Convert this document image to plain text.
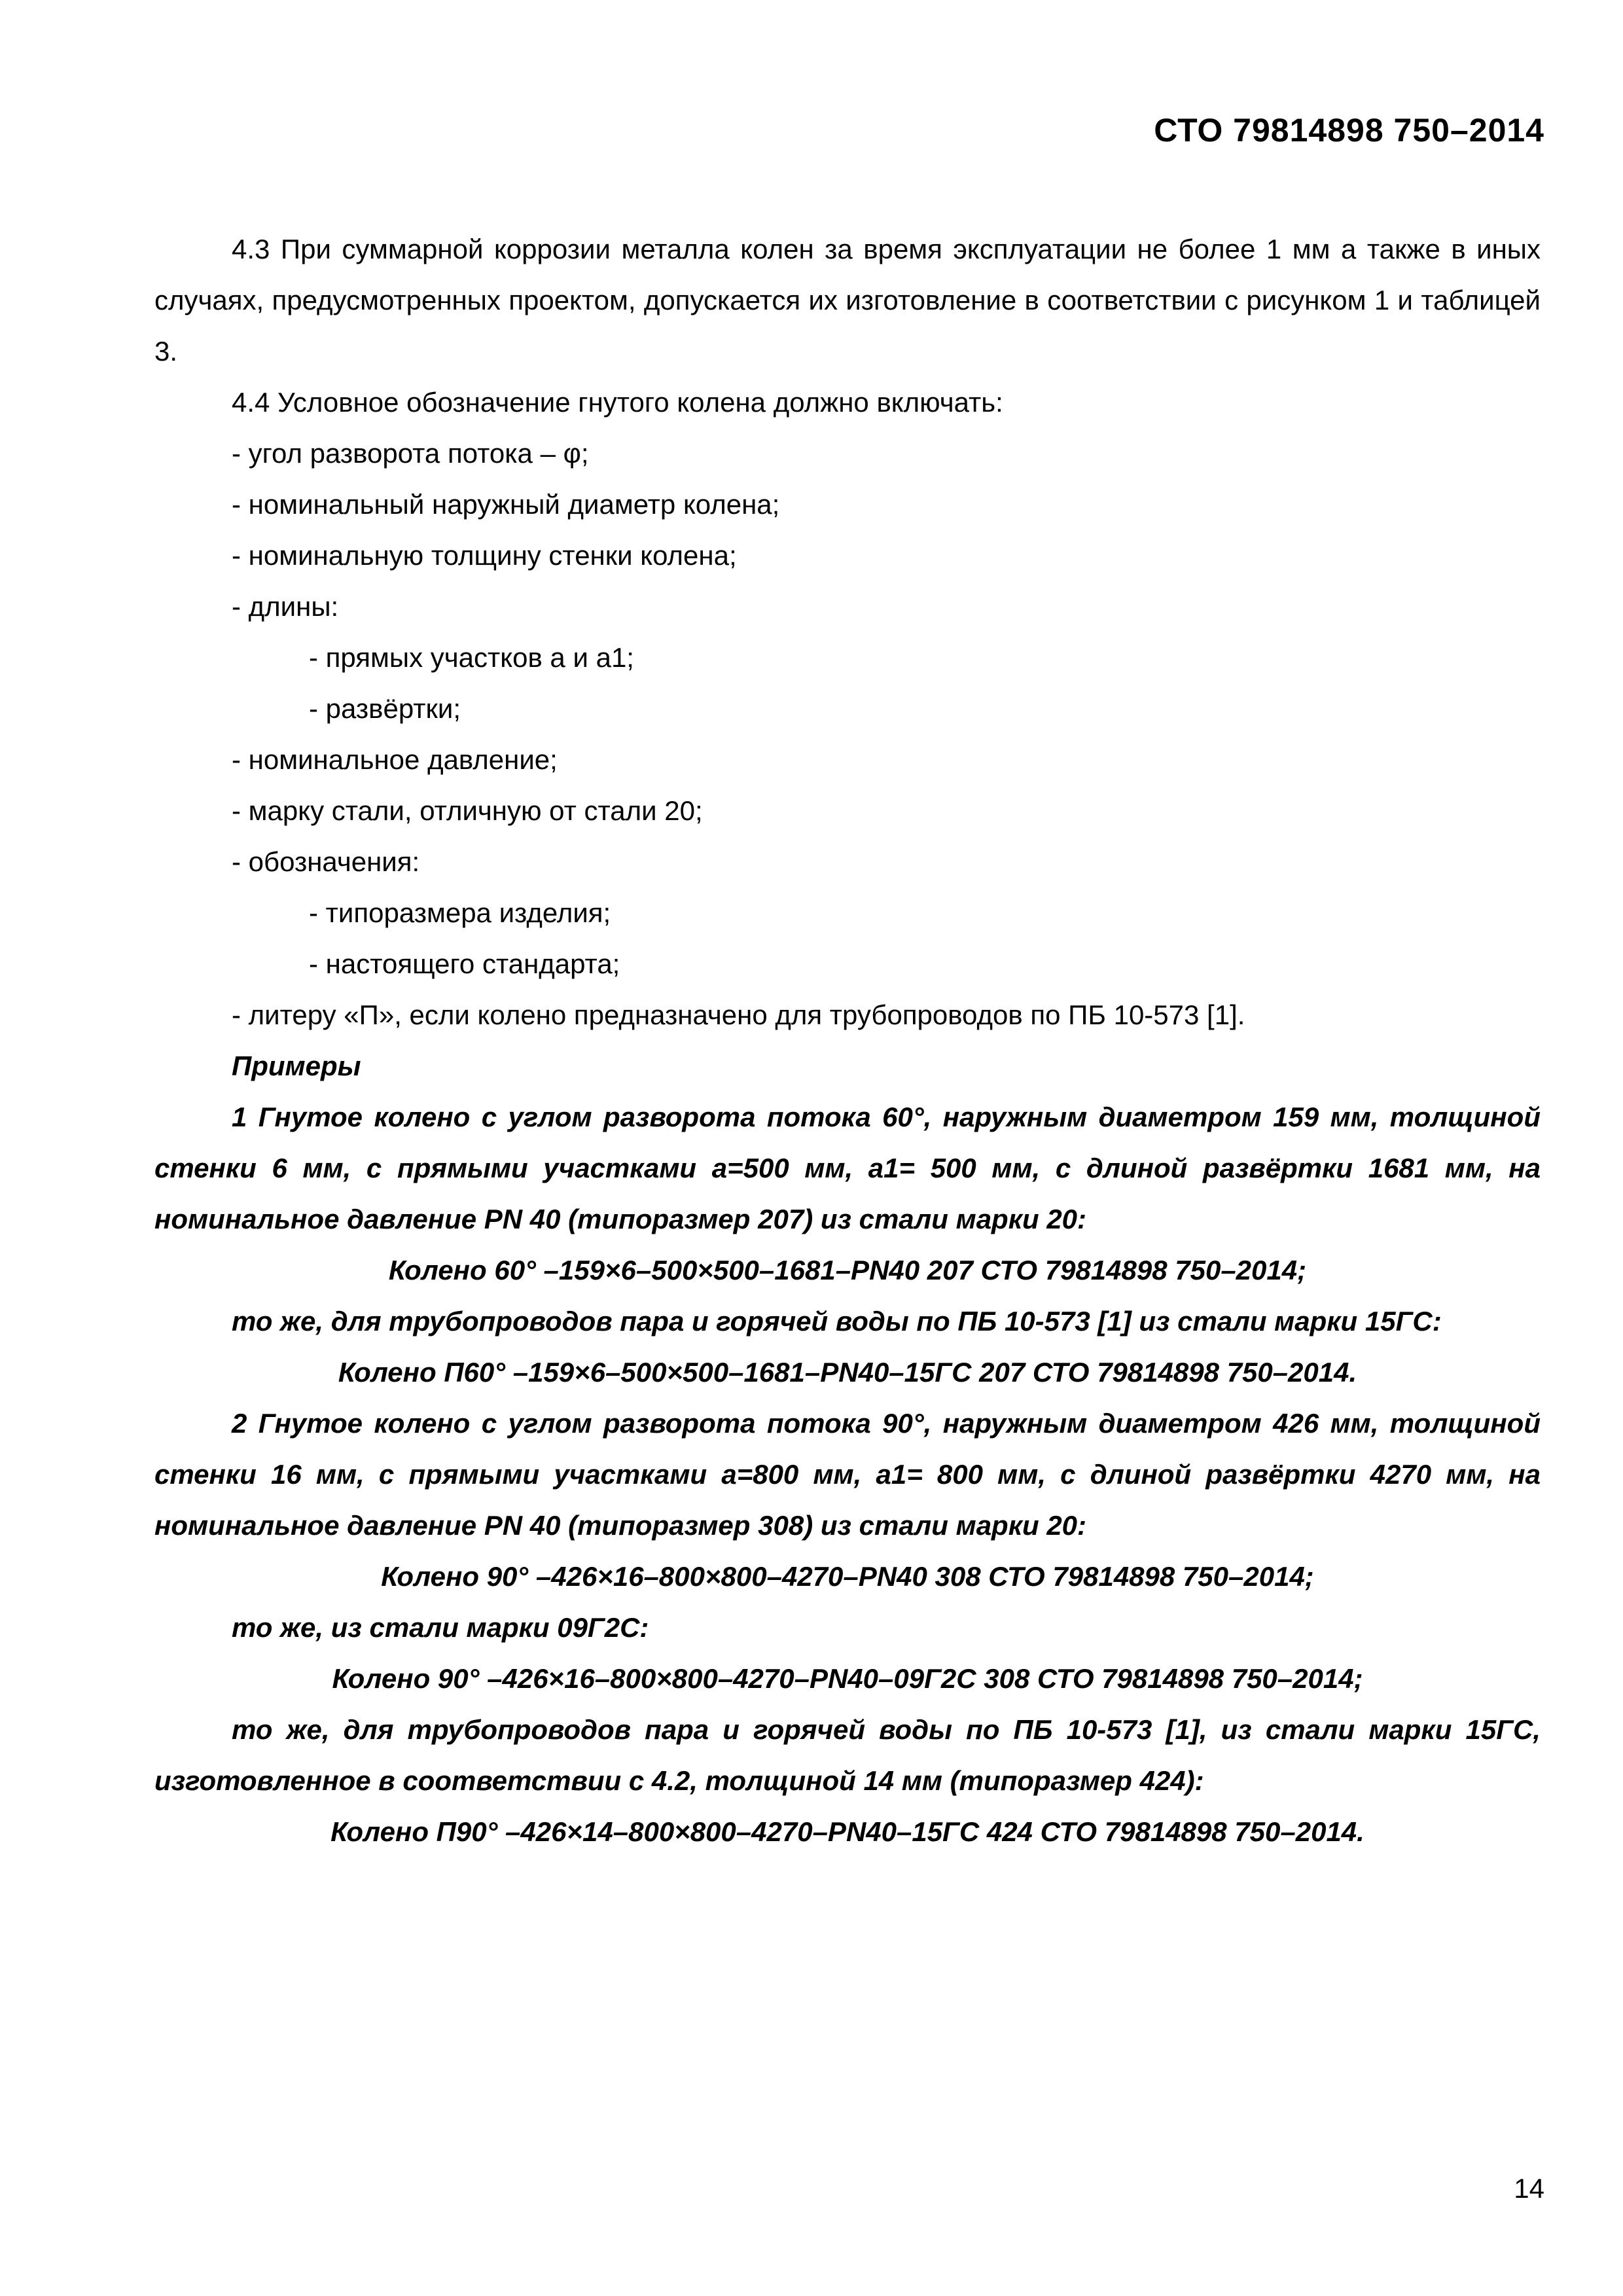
СТО 79814898 750–2014

4.3 При суммарной коррозии металла колен за время эксплуатации не более 1 мм а также в иных случаях, предусмотренных проектом, допускается их изготовление в соответствии с рисунком 1 и таблицей 3.

4.4 Условное обозначение гнутого колена должно включать:

- угол разворота потока – φ;

- номинальный наружный диаметр колена;

- номинальную толщину стенки колена;

- длины:

- прямых участков a и a1;

- развёртки;

- номинальное давление;

- марку стали, отличную от стали 20;

- обозначения:

- типоразмера изделия;

- настоящего стандарта;

- литеру «П», если колено предназначено для трубопроводов по ПБ 10-573 [1].

Примеры

1 Гнутое колено с углом разворота потока 60°, наружным диаметром 159 мм, толщиной стенки 6 мм, с прямыми участками а=500 мм, а1= 500 мм, с длиной развёртки 1681 мм, на номинальное давление PN 40 (типоразмер 207) из стали марки 20:

Колено 60° –159×6–500×500–1681–PN40 207 СТО 79814898 750–2014;

то же, для трубопроводов пара и горячей воды по ПБ 10-573 [1] из стали марки 15ГС:

Колено П60° –159×6–500×500–1681–PN40–15ГС 207 СТО 79814898 750–2014.

2 Гнутое колено с углом разворота потока 90°, наружным диаметром 426 мм, толщиной стенки 16 мм, с прямыми участками а=800 мм, а1= 800 мм, с длиной развёртки 4270 мм, на номинальное давление PN 40 (типоразмер 308) из стали марки 20:

Колено 90° –426×16–800×800–4270–PN40 308 СТО 79814898 750–2014;

то же, из стали марки 09Г2С:

Колено 90° –426×16–800×800–4270–PN40–09Г2С 308 СТО 79814898 750–2014;

то же, для трубопроводов пара и горячей воды по ПБ 10-573 [1], из стали марки 15ГС, изготовленное в соответствии с 4.2, толщиной 14 мм (типоразмер 424):

Колено П90° –426×14–800×800–4270–PN40–15ГС 424 СТО 79814898 750–2014.

14
